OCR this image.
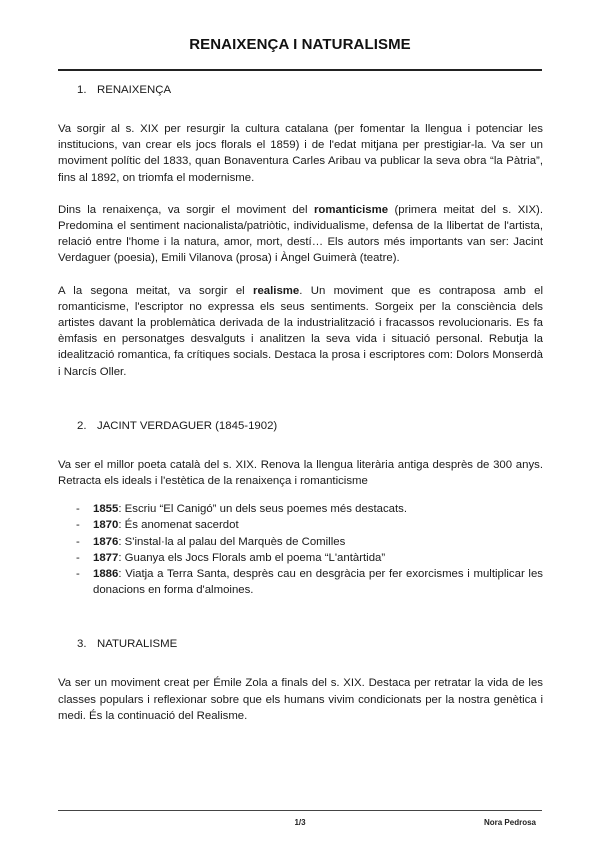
RENAIXENÇA I NATURALISME
1. RENAIXENÇA

Va sorgir al s. XIX per resurgir la cultura catalana (per fomentar la llengua i potenciar les institucions, van crear els jocs florals el 1859) i de l'edat mitjana per prestigiar-la. Va ser un moviment polític del 1833, quan Bonaventura Carles Aribau va publicar la seva obra “la Pàtria”, fins al 1892, on triomfa el modernisme.

Dins la renaixença, va sorgir el moviment del romanticisme (primera meitat del s. XIX). Predomina el sentiment nacionalista/patriòtic, individualisme, defensa de la llibertat de l'artista, relació entre l'home i la natura, amor, mort, destí… Els autors més importants van ser: Jacint Verdaguer (poesia), Emili Vilanova (prosa) i Àngel Guimerà (teatre).

A la segona meitat, va sorgir el realisme. Un moviment que es contraposa amb el romanticisme, l'escriptor no expressa els seus sentiments. Sorgeix per la consciència dels artistes davant la problemàtica derivada de la industrialització i fracassos revolucionaris. Es fa èmfasis en personatges desvalguts i analitzen la seva vida i situació personal. Rebutja la idealització romantica, fa crítiques socials. Destaca la prosa i escriptores com: Dolors Monserdà i Narcís Oller.

2. JACINT VERDAGUER (1845-1902)

Va ser el millor poeta català del s. XIX. Renova la llengua literària antiga desprès de 300 anys. Retracta els ideals i l'estètica de la renaixença i romanticisme

- 1855: Escriu “El Canigó” un dels seus poemes més destacats.
- 1870: És anomenat sacerdot
- 1876: S'instal·la al palau del Marquès de Comilles
- 1877: Guanya els Jocs Florals amb el poema “L'antàrtida”
- 1886: Viatja a Terra Santa, desprès cau en desgràcia per fer exorcismes i multiplicar les donacions en forma d'almoines.
3. NATURALISME

Va ser un moviment creat per Émile Zola a finals del s. XIX. Destaca per retratar la vida de les classes populars i reflexionar sobre que els humans vivim condicionats per la nostra genètica i medi. És la continuació del Realisme.

1/3	Nora Pedrosa
